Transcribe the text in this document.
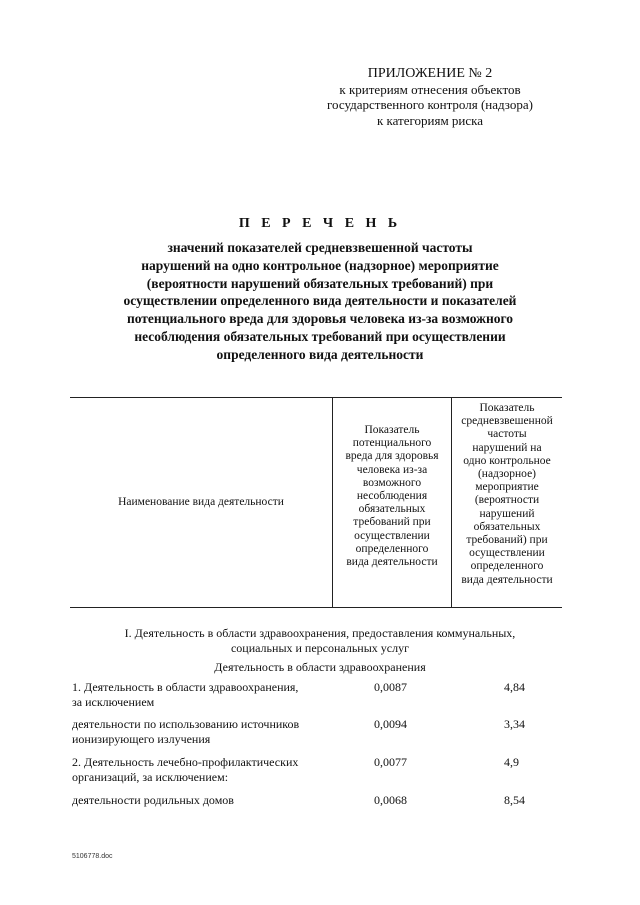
ПРИЛОЖЕНИЕ № 2
к критериям отнесения объектов
государственного контроля (надзора)
к категориям риска
П Е Р Е Ч Е Н Ь
значений показателей средневзвешенной частоты
нарушений на одно контрольное (надзорное) мероприятие
(вероятности нарушений обязательных требований) при
осуществлении определенного вида деятельности и показателей
потенциального вреда для здоровья человека из-за возможного
несоблюдения обязательных требований при осуществлении
определенного вида деятельности
Наименование вида деятельности
Показатель
потенциального
вреда для здоровья
человека из-за
возможного
несоблюдения
обязательных
требований при
осуществлении
определенного
вида деятельности
Показатель
средневзвешенной
частоты
нарушений на
одно контрольное
(надзорное)
мероприятие
(вероятности
нарушений
обязательных
требований) при
осуществлении
определенного
вида деятельности
I. Деятельность в области здравоохранения, предоставления коммунальных,
социальных и персональных услуг
Деятельность в области здравоохранения
1. Деятельность в области здравоохранения,
за исключением
0,0087	4,84
деятельности по использованию источников
ионизирующего излучения
0,0094	3,34
2. Деятельность лечебно-профилактических
организаций, за исключением:
0,0077	4,9
деятельности родильных домов	0,0068	8,54
5106778.doc
